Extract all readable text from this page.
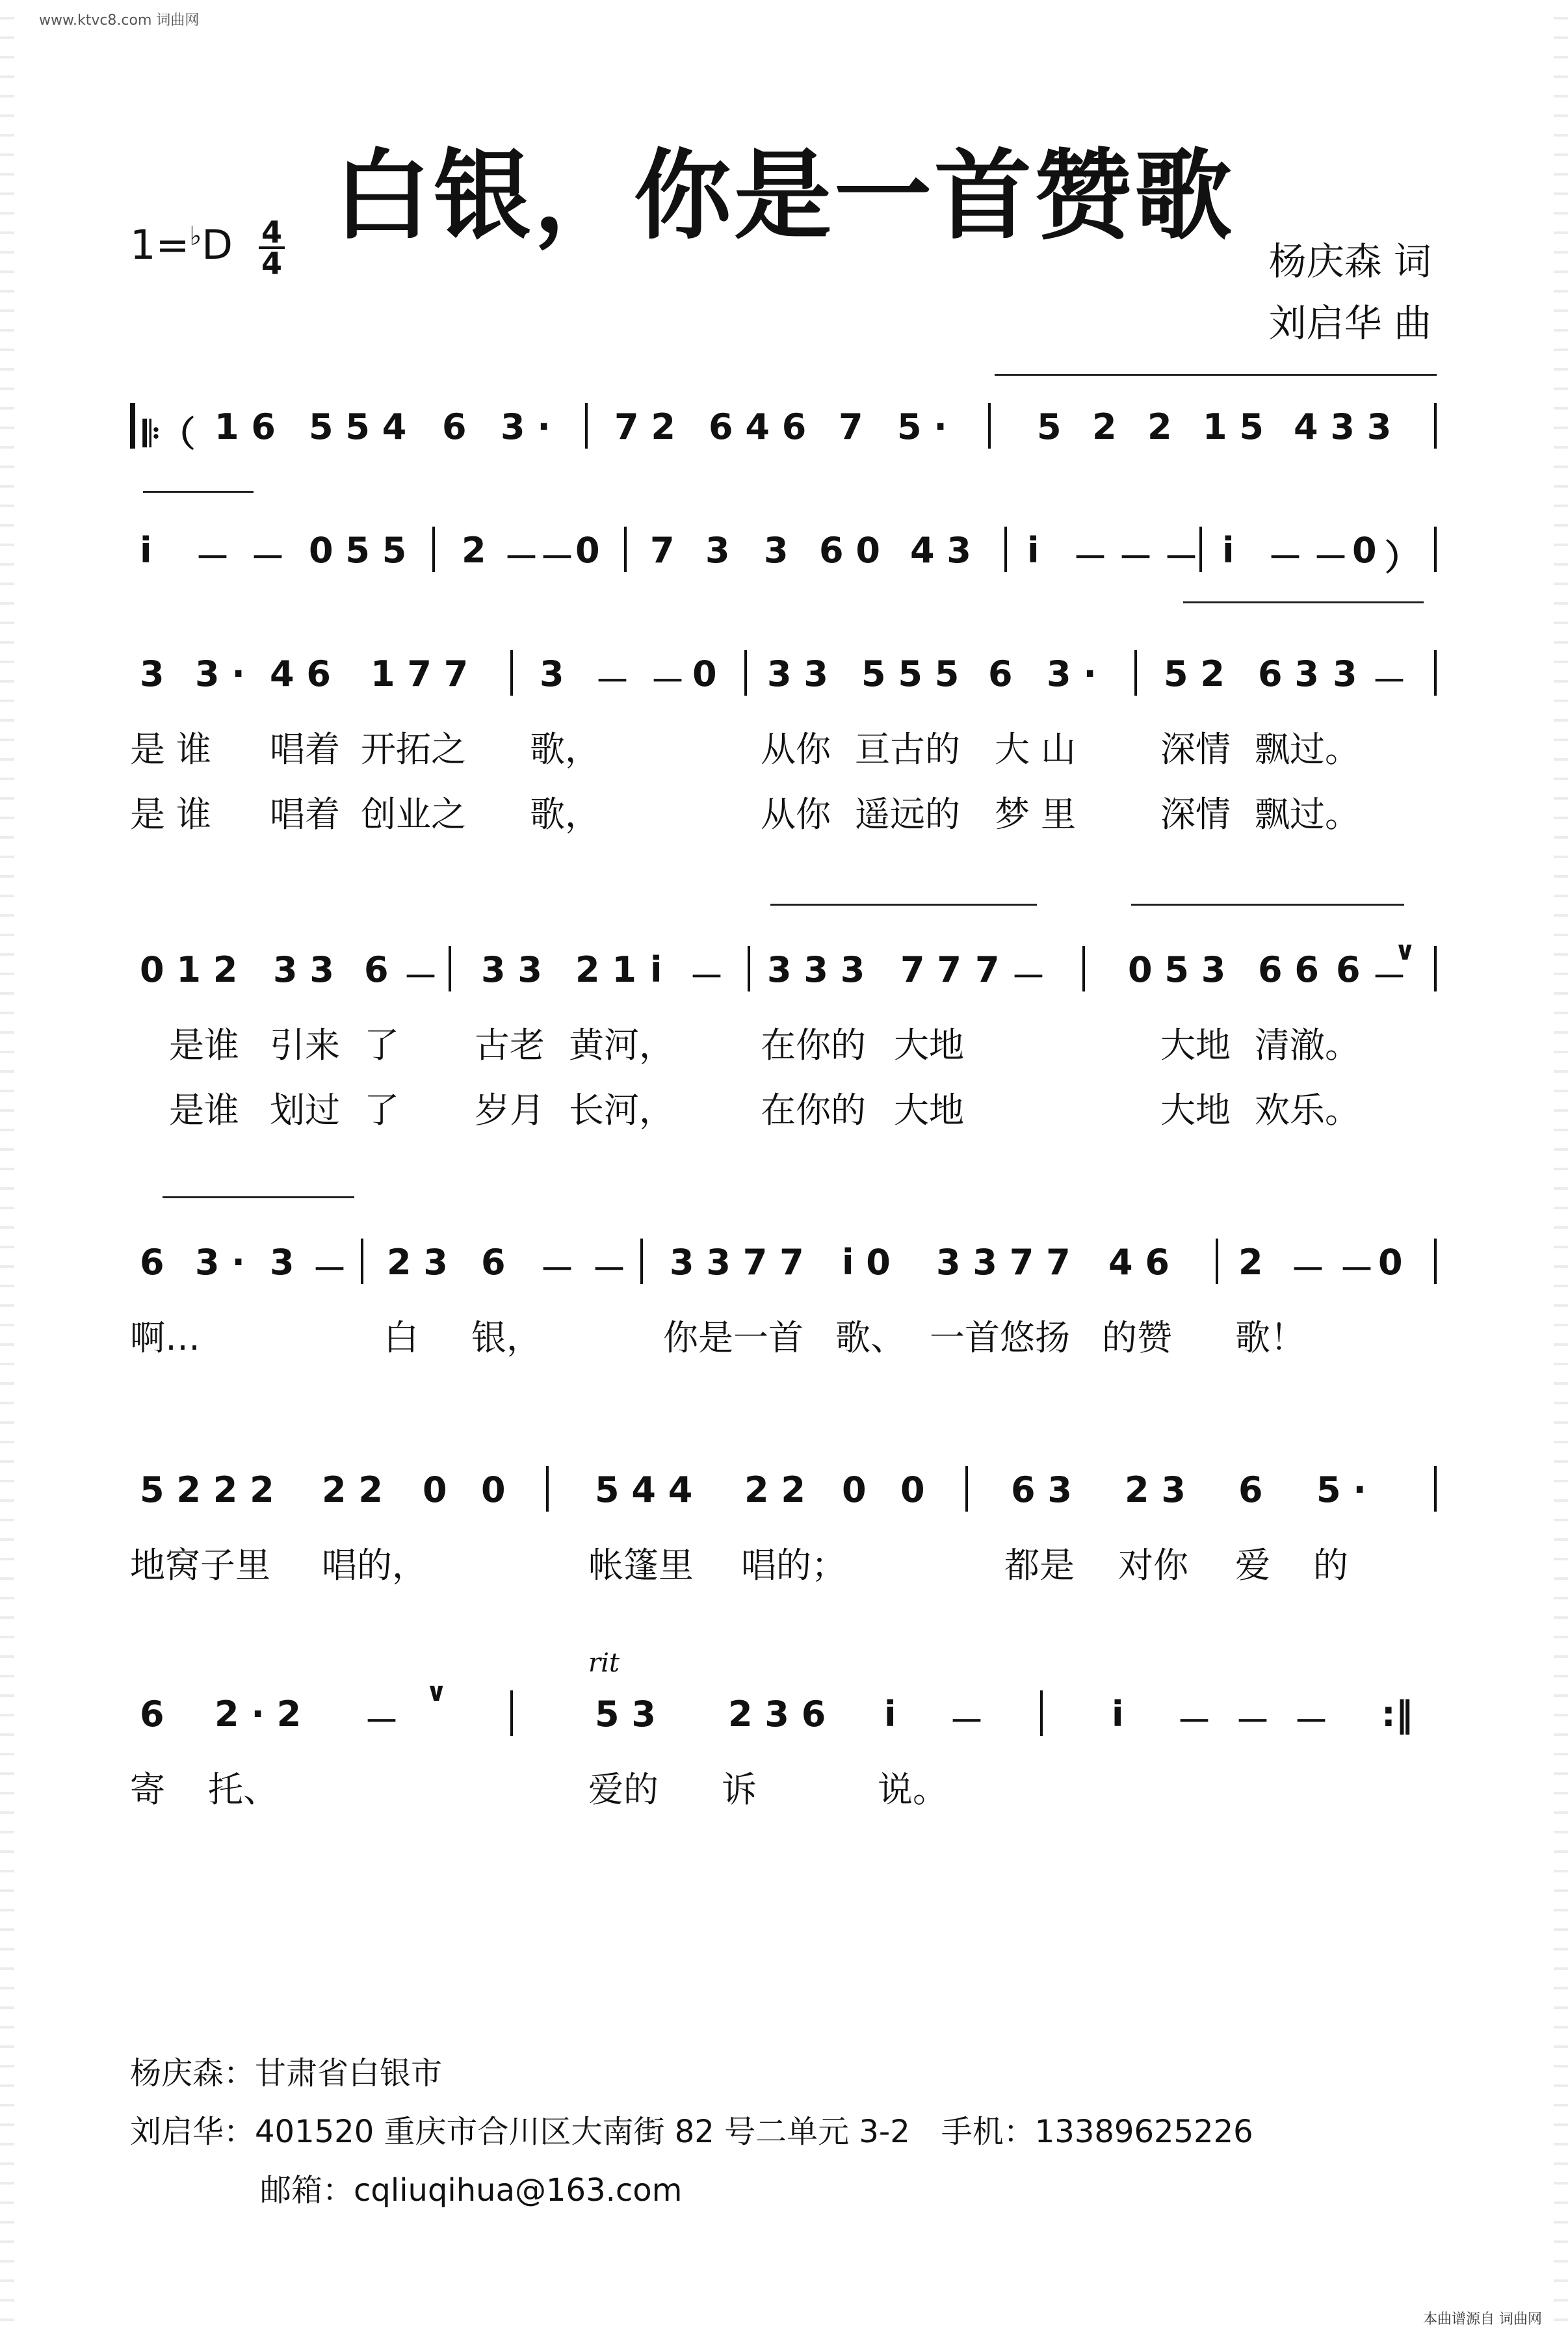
www.ktvc8.com 词曲网
白银，你是一首赞歌
1=♭D 4
4	杨庆森 词
刘启华 曲
𝄆（ 1 6 5 5 4 6 3 · 7 2 6 4 6 7 5 ·	5 2 2 1 5 4 3 3
i － － 0 5 5 2 － － 0 7 3 3 6 0 4 3 i － － － i － － 0 ）
3 3 · 4 6 1 7 7 3 － － 0 3 3 5 5 5 6 3 · 5 2 6 3 3 －
是 谁 唱着 开拓之 歌，	从你 亘古的 大 山 深情 飘过。
是 谁 唱着 创业之 歌，	从你 遥远的 梦 里 深情 飘过。
0 1 2 3 3 6 － 3 3 2 1 i － 3 3 3 7 7 7 － 0 5 3 6 6 6 －
∨
是谁 引来 了 古老 黄河， 在你的 大地	大地 清澈。
是谁 划过 了 岁月 长河， 在你的 大地	大地 欢乐。
6 3 · 3 － 2 3 6 － － 3 3 7 7 i 0 3 3 7 7 4 6 2 － － 0
啊…	白 银，	你是一首 歌、 一首悠扬 的赞 歌！
5 2 2 2 2 2 0 0	5 4 4 2 2 0 0 6 3 2 3 6 5 ·
地窝子里 唱的，	帐篷里 唱的；	都是 对你 爱 的
rit
6 2 · 2 －
∨
5 3 2 3 6 i －	i － － － :‖
寄 托、	爱的 诉	说。
杨庆森：甘肃省白银市
刘启华：401520 重庆市合川区大南街 82 号二单元 3-2　手机：13389625226
邮箱：cqliuqihua@163.com
本曲谱源自 词曲网
